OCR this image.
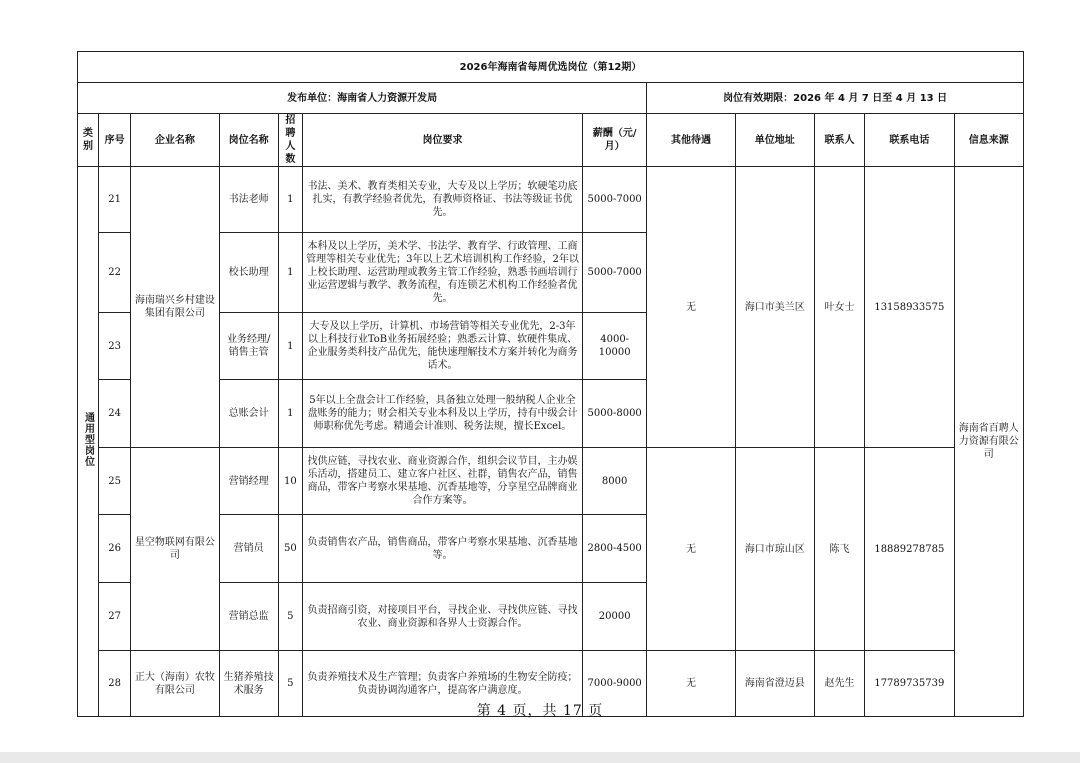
2026年海南省每周优选岗位（第12期）											
发布单位：海南省人力资源开发局							岗位有效期限：2026 年 4 月 7 日至 4 月 13 日				
类别	序号	企业名称	岗位名称	招聘人数	岗位要求	薪酬（元/月）	其他待遇	单位地址	联系人	联系电话	信息来源
通用型岗位	21	海南瑞兴乡村建设集团有限公司	书法老师	1	书法、美术、教育类相关专业，大专及以上学历；软硬笔功底扎实，有教学经验者优先，有教师资格证、书法等级证书优先。	5000-7000	无	海口市美兰区	叶女士	13158933575	海南省百聘人力资源有限公司
	22		校长助理	1	本科及以上学历，美术学、书法学、教育学、行政管理、工商管理等相关专业优先；3年以上艺术培训机构工作经验，2年以上校长助理、运营助理或教务主管工作经验，熟悉书画培训行业运营逻辑与教学、教务流程，有连锁艺术机构工作经验者优先。	5000-7000					
	23		业务经理/销售主管	1	大专及以上学历，计算机、市场营销等相关专业优先，2-3年以上科技行业ToB业务拓展经验；熟悉云计算、软硬件集成、企业服务类科技产品优先，能快速理解技术方案并转化为商务话术。	4000-10000					
	24		总账会计	1	5年以上全盘会计工作经验，具备独立处理一般纳税人企业全盘账务的能力；财会相关专业本科及以上学历，持有中级会计师职称优先考虑。精通会计准则、税务法规，擅长Excel。	5000-8000					
	25	星空物联网有限公司	营销经理	10	找供应链，寻找农业、商业资源合作，组织会议节目，主办娱乐活动，搭建员工、建立客户社区、社群，销售农产品，销售商品，带客户考察水果基地、沉香基地等，分享星空品牌商业合作方案等。	8000	无	海口市琼山区	陈飞	18889278785	
	26		营销员	50	负责销售农产品，销售商品，带客户考察水果基地、沉香基地等。	2800-4500					
	27		营销总监	5	负责招商引资，对接项目平台，寻找企业、寻找供应链、寻找农业、商业资源和各界人士资源合作。	20000					
	28	正大（海南）农牧有限公司	生猪养殖技术服务	5	负责养殖技术及生产管理；负责客户养殖场的生物安全防疫；负责协调沟通客户，提高客户满意度。	7000-9000	无	海南省澄迈县	赵先生	17789735739	
第 4 页，共 17 页
